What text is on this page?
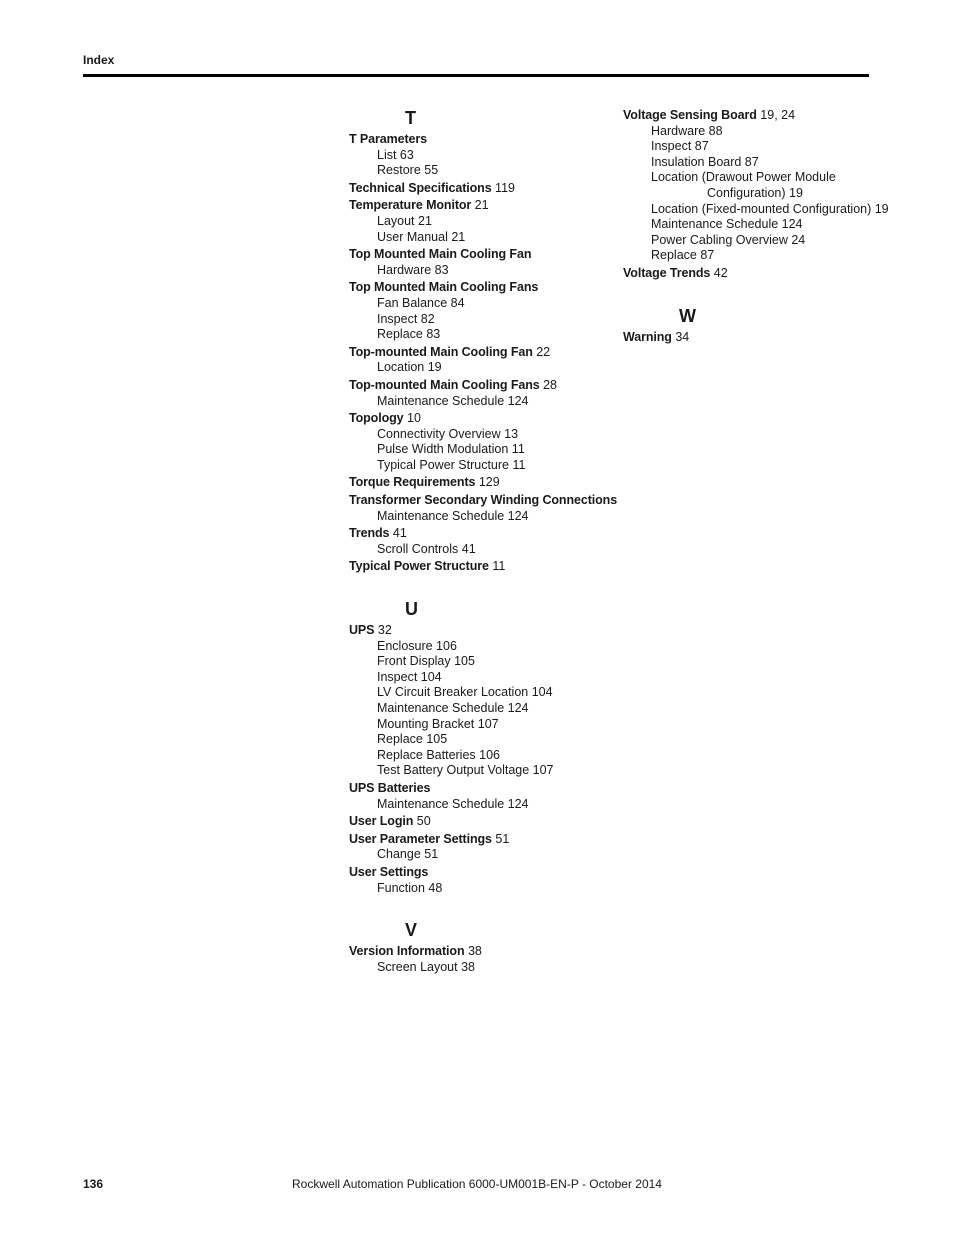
Index
T
T Parameters
List 63
Restore 55
Technical Specifications 119
Temperature Monitor 21
Layout 21
User Manual 21
Top Mounted Main Cooling Fan
Hardware 83
Top Mounted Main Cooling Fans
Fan Balance 84
Inspect 82
Replace 83
Top-mounted Main Cooling Fan 22
Location 19
Top-mounted Main Cooling Fans 28
Maintenance Schedule 124
Topology 10
Connectivity Overview 13
Pulse Width Modulation 11
Typical Power Structure 11
Torque Requirements 129
Transformer Secondary Winding Connections
Maintenance Schedule 124
Trends 41
Scroll Controls 41
Typical Power Structure 11
U
UPS 32
Enclosure 106
Front Display 105
Inspect 104
LV Circuit Breaker Location 104
Maintenance Schedule 124
Mounting Bracket 107
Replace 105
Replace Batteries 106
Test Battery Output Voltage 107
UPS Batteries
Maintenance Schedule 124
User Login 50
User Parameter Settings 51
Change 51
User Settings
Function 48
V
Version Information 38
Screen Layout 38
Voltage Sensing Board 19, 24
Hardware 88
Inspect 87
Insulation Board 87
Location (Drawout Power Module
Configuration) 19
Location (Fixed-mounted Configuration) 19
Maintenance Schedule 124
Power Cabling Overview 24
Replace 87
Voltage Trends 42
W
Warning 34
136	Rockwell Automation Publication 6000-UM001B-EN-P - October 2014
